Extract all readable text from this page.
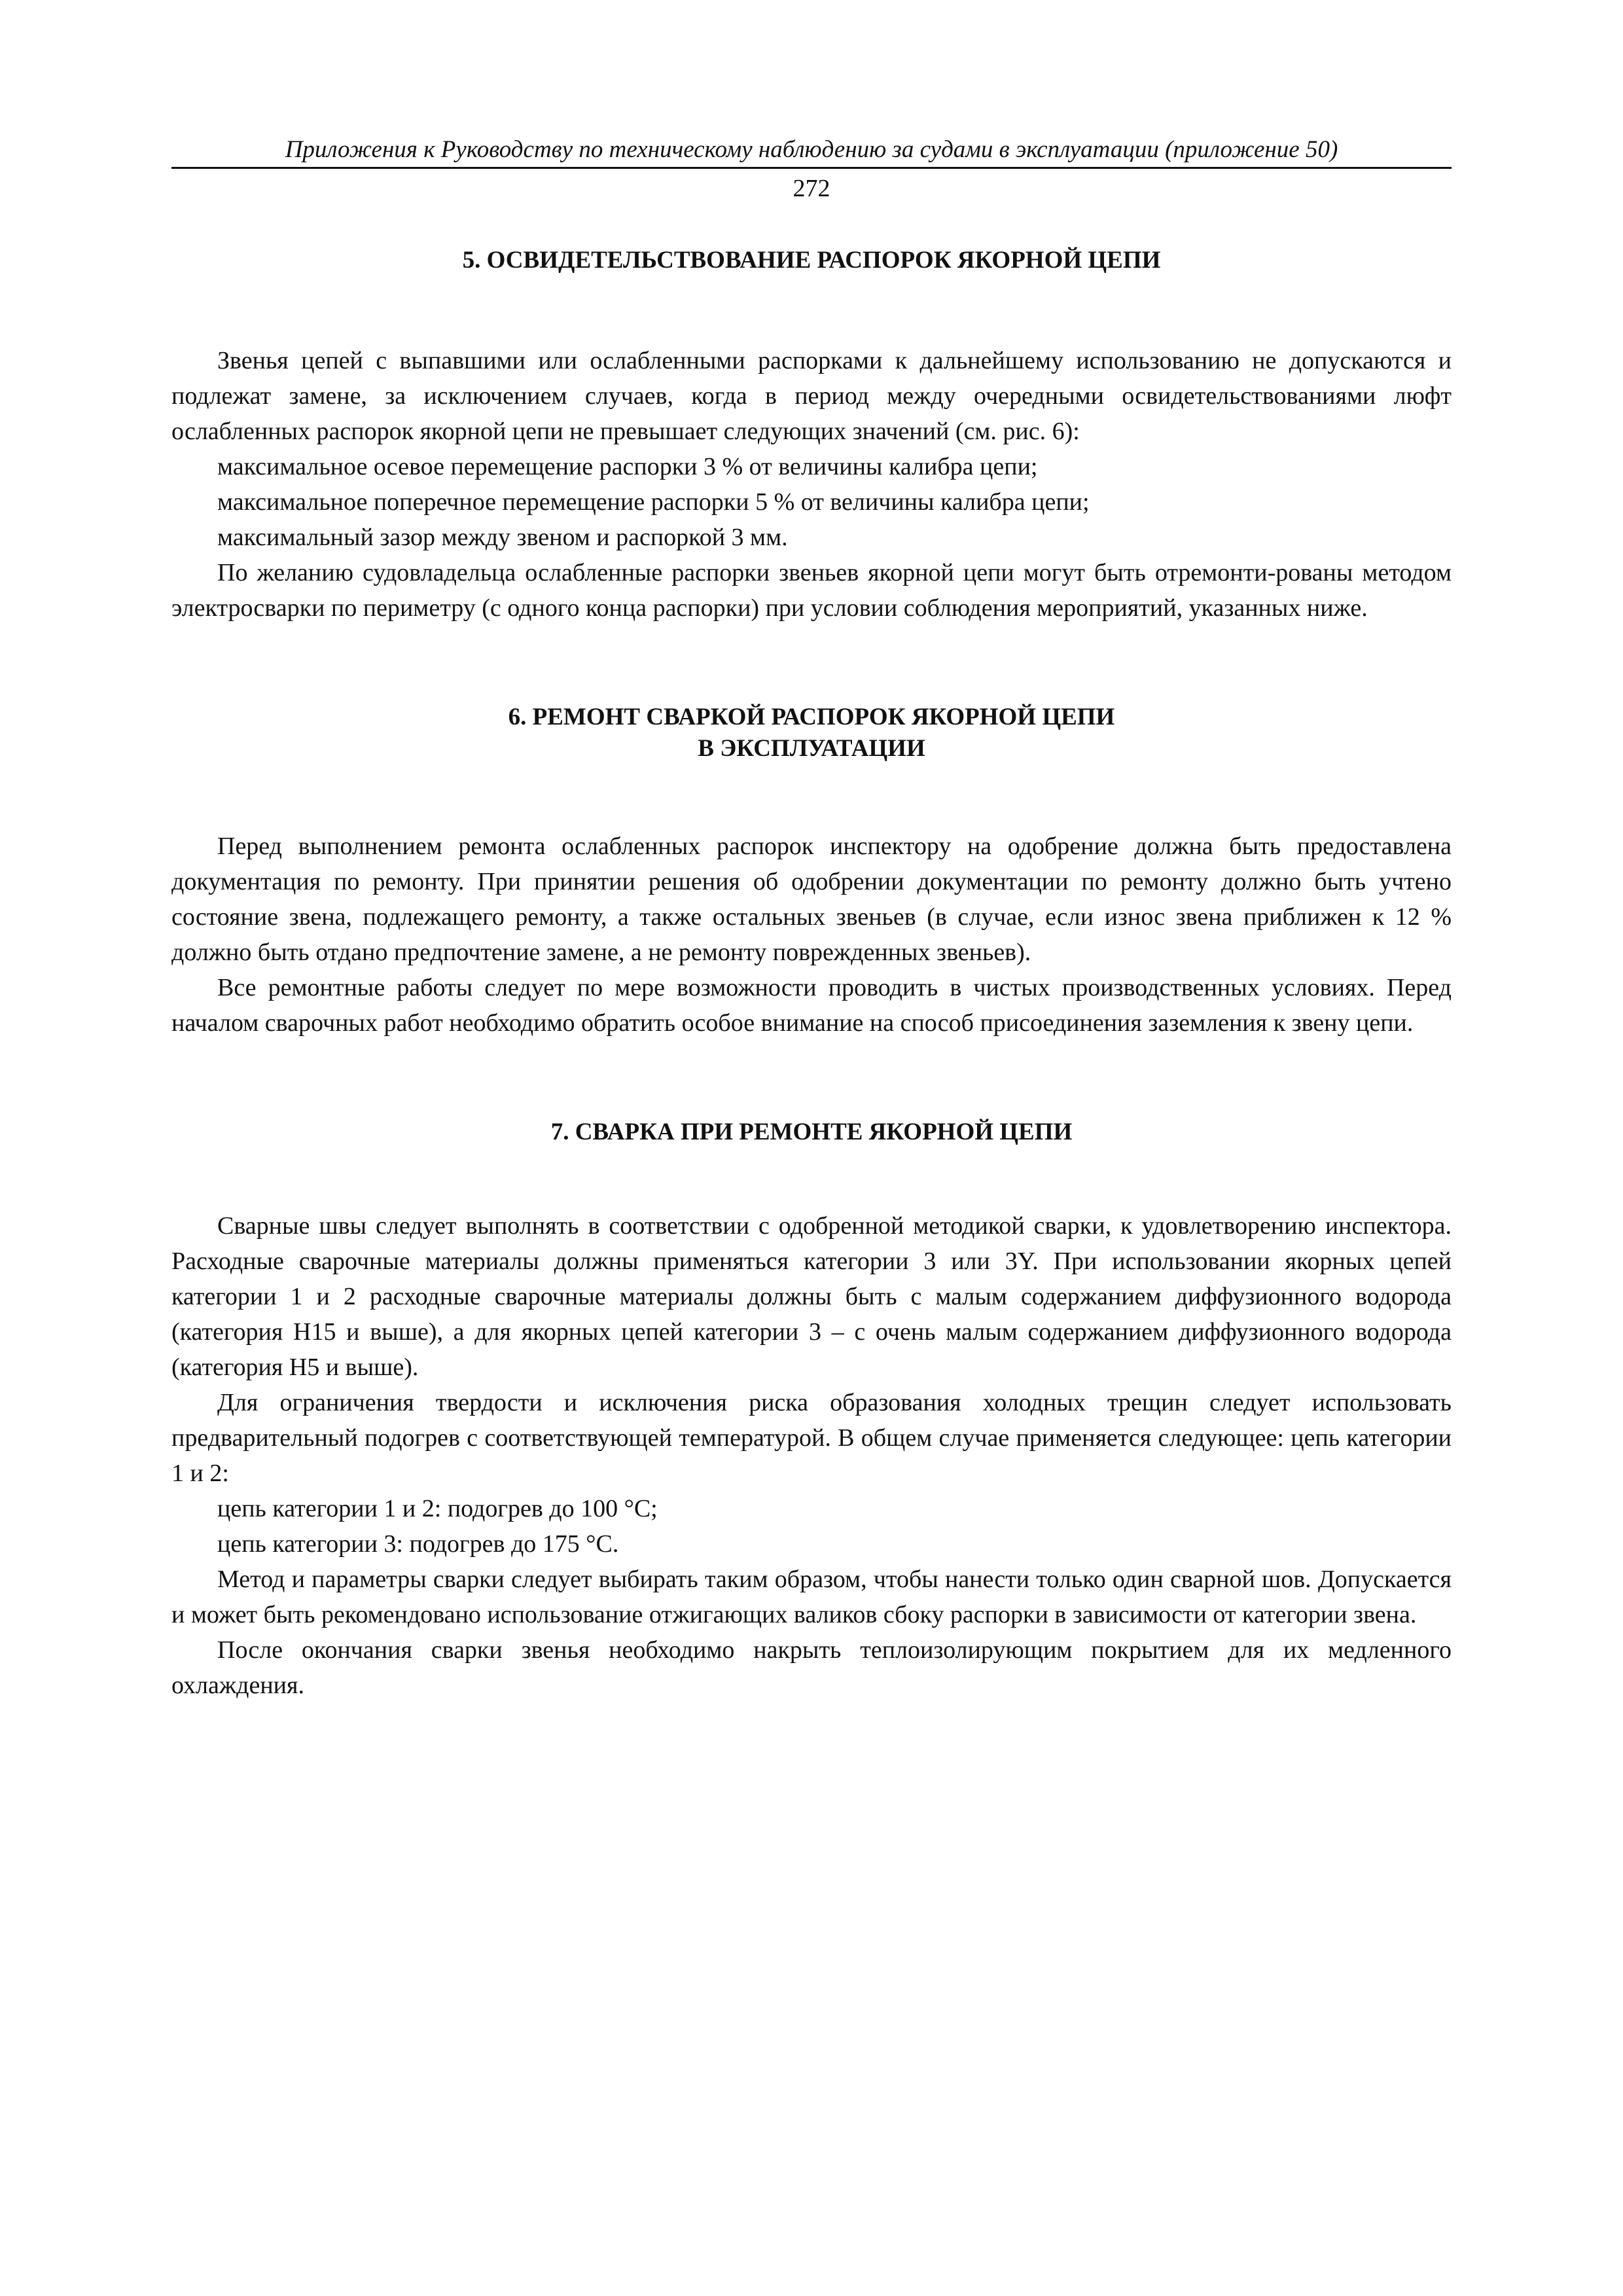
Приложения к Руководству по техническому наблюдению за судами в эксплуатации (приложение 50)
272
5. ОСВИДЕТЕЛЬСТВОВАНИЕ РАСПОРОК ЯКОРНОЙ ЦЕПИ

Звенья цепей с выпавшими или ослабленными распорками к дальнейшему использованию не допускаются и подлежат замене, за исключением случаев, когда в период между очередными освидетельствованиями люфт ослабленных распорок якорной цепи не превышает следующих значений (см. рис. 6):

максимальное осевое перемещение распорки 3 % от величины калибра цепи;
максимальное поперечное перемещение распорки 5 % от величины калибра цепи;
максимальный зазор между звеном и распоркой 3 мм.

По желанию судовладельца ослабленные распорки звеньев якорной цепи могут быть отремонти-рованы методом электросварки по периметру (с одного конца распорки) при условии соблюдения мероприятий, указанных ниже.

6. РЕМОНТ СВАРКОЙ РАСПОРОК ЯКОРНОЙ ЦЕПИ
В ЭКСПЛУАТАЦИИ

Перед выполнением ремонта ослабленных распорок инспектору на одобрение должна быть предоставлена документация по ремонту. При принятии решения об одобрении документации по ремонту должно быть учтено состояние звена, подлежащего ремонту, а также остальных звеньев (в случае, если износ звена приближен к 12 % должно быть отдано предпочтение замене, а не ремонту поврежденных звеньев).

Все ремонтные работы следует по мере возможности проводить в чистых производственных условиях. Перед началом сварочных работ необходимо обратить особое внимание на способ присоединения заземления к звену цепи.

7. СВАРКА ПРИ РЕМОНТЕ ЯКОРНОЙ ЦЕПИ

Сварные швы следует выполнять в соответствии с одобренной методикой сварки, к удовлетворению инспектора. Расходные сварочные материалы должны применяться категории 3 или 3Y. При использовании якорных цепей категории 1 и 2 расходные сварочные материалы должны быть с малым содержанием диффузионного водорода (категория H15 и выше), а для якорных цепей категории 3 – с очень малым содержанием диффузионного водорода (категория H5 и выше).

Для ограничения твердости и исключения риска образования холодных трещин следует использовать предварительный подогрев с соответствующей температурой. В общем случае применяется следующее: цепь категории 1 и 2:

цепь категории 1 и 2: подогрев до 100 °С;
цепь категории 3: подогрев до 175 °С.

Метод и параметры сварки следует выбирать таким образом, чтобы нанести только один сварной шов. Допускается и может быть рекомендовано использование отжигающих валиков сбоку распорки в зависимости от категории звена.

После окончания сварки звенья необходимо накрыть теплоизолирующим покрытием для их медленного охлаждения.
